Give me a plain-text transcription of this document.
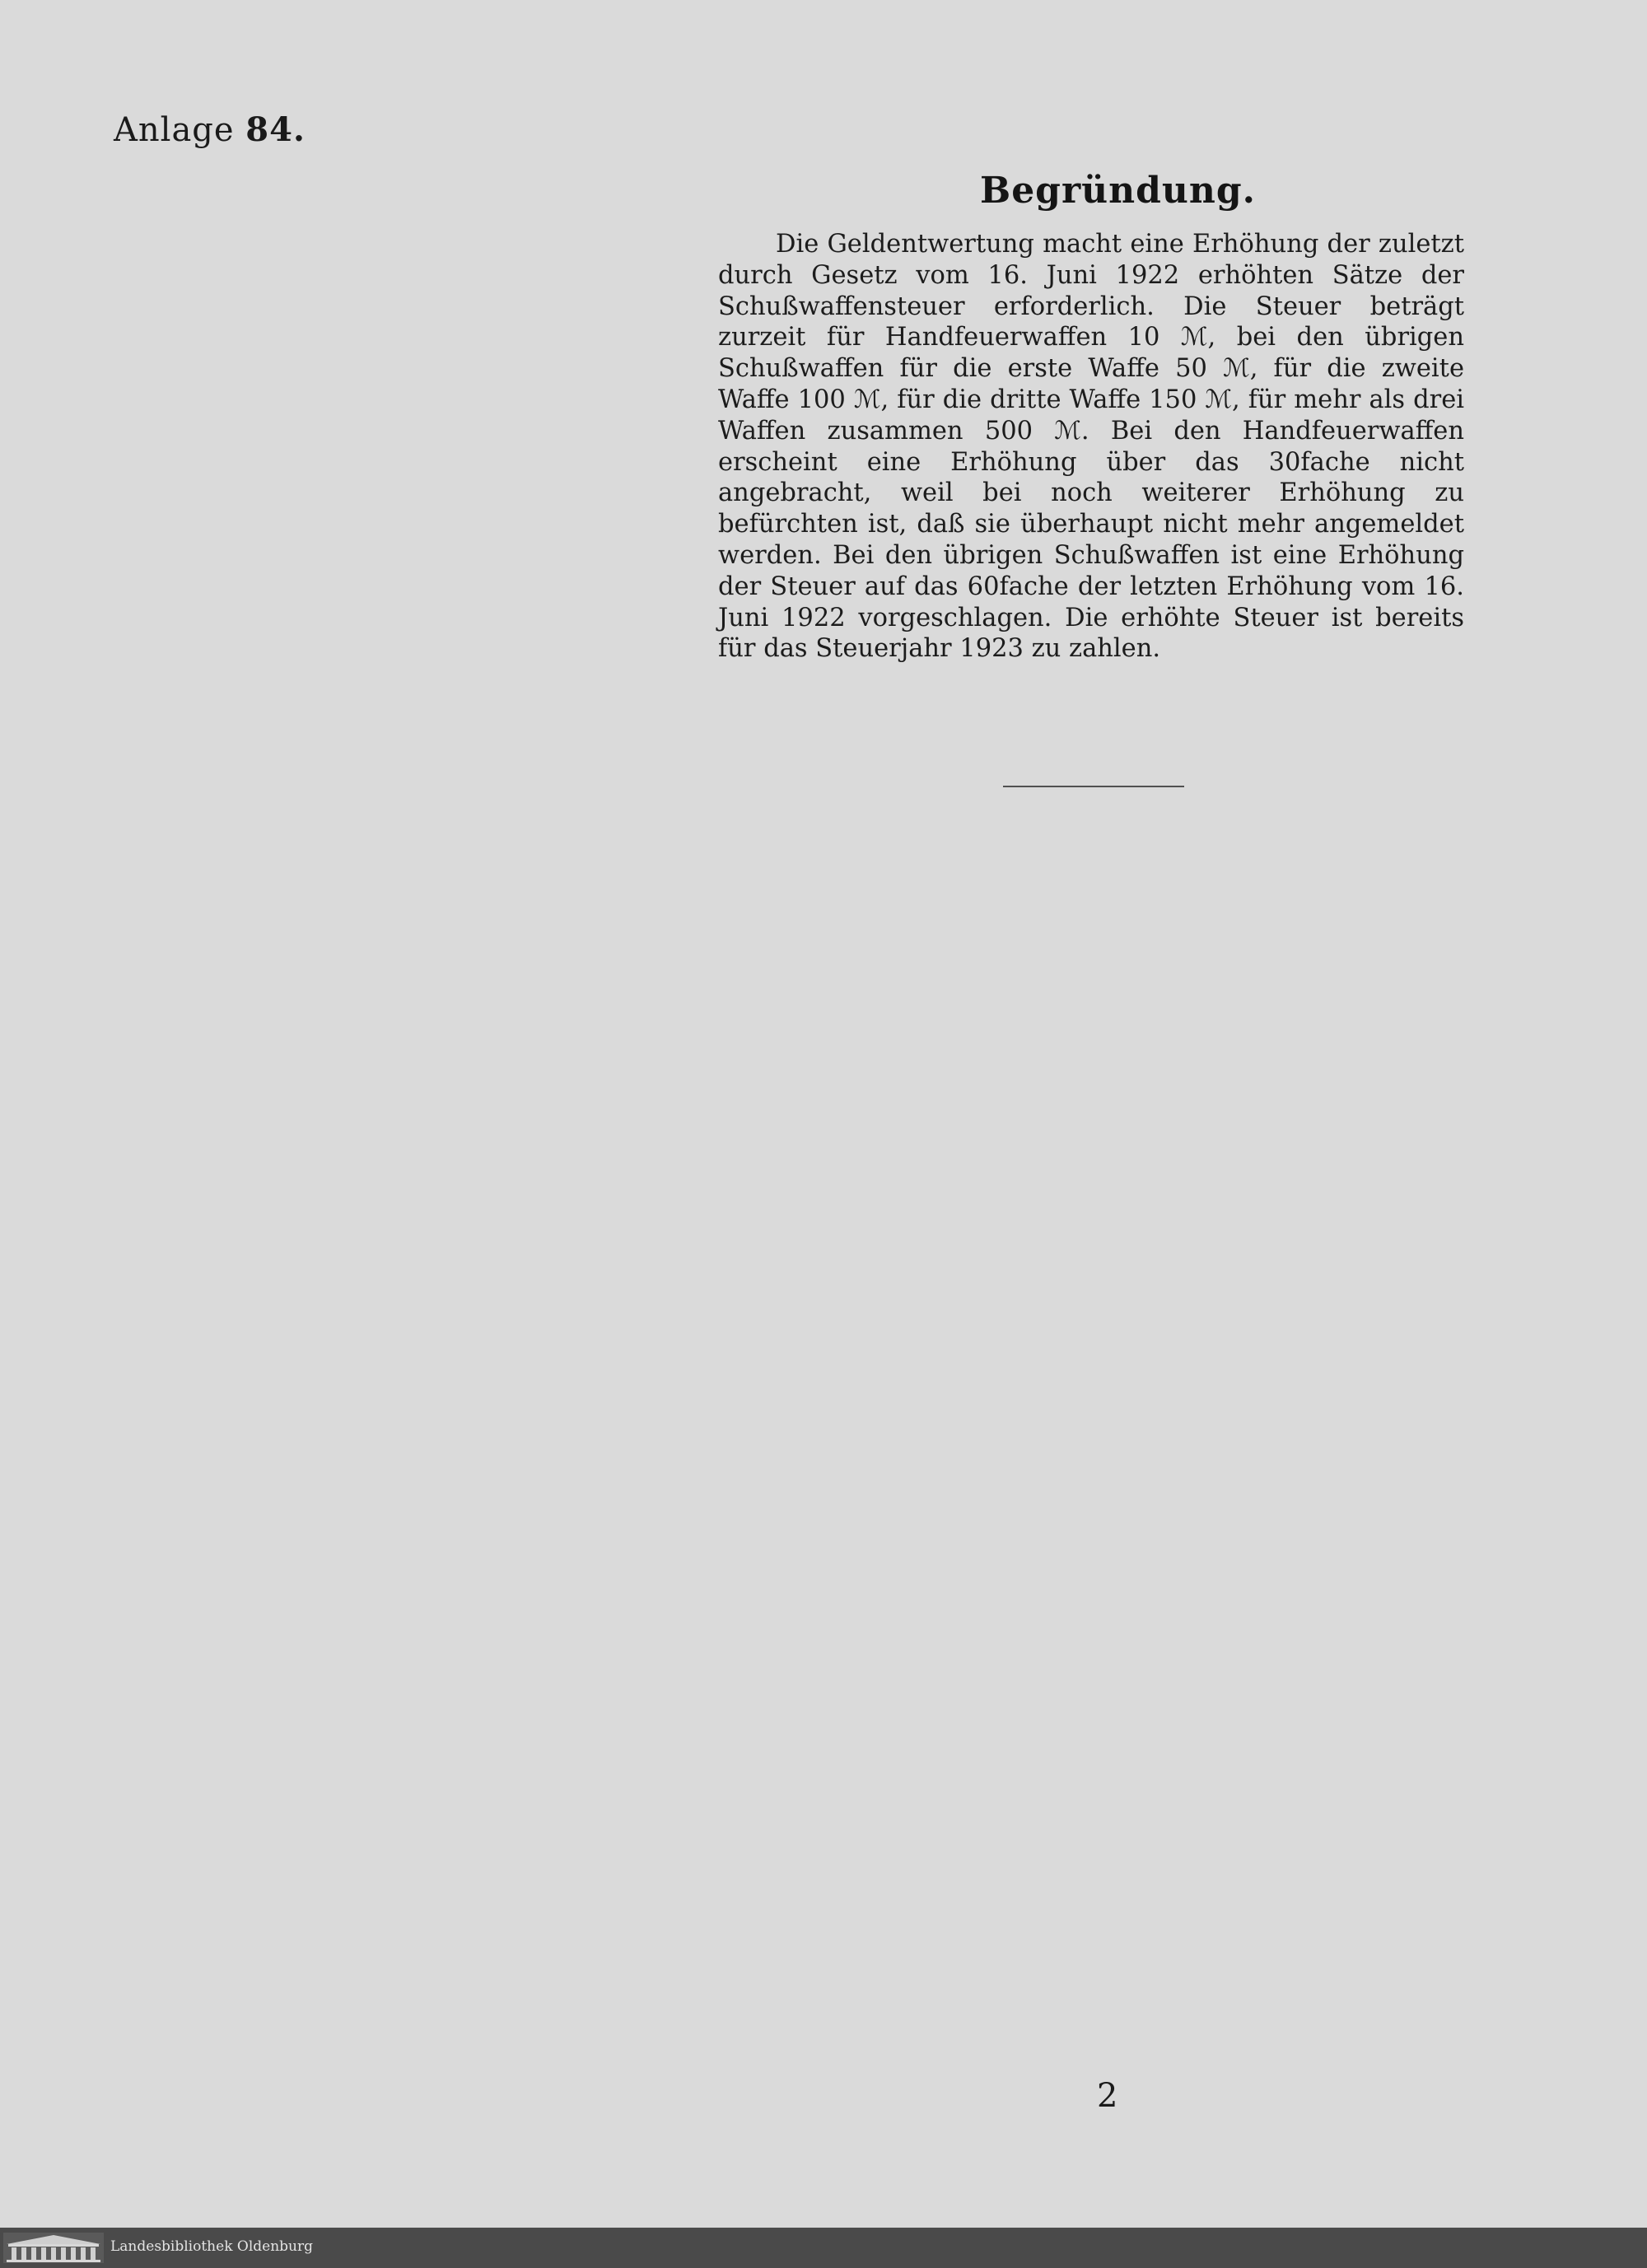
Anlage 84.
Begründung.
Die Geldentwertung macht eine Erhöhung der zuletzt durch Gesetz vom 16. Juni 1922 erhöhten Sätze der Schußwaffensteuer erforderlich. Die Steuer beträgt zurzeit für Handfeuerwaffen 10 ℳ, bei den übrigen Schußwaffen für die erste Waffe 50 ℳ, für die zweite Waffe 100 ℳ, für die dritte Waffe 150 ℳ, für mehr als drei Waffen zusammen 500 ℳ. Bei den Handfeuerwaffen erscheint eine Erhöhung über das 30fache nicht angebracht, weil bei noch weiterer Erhöhung zu befürchten ist, daß sie überhaupt nicht mehr angemeldet werden. Bei den übrigen Schußwaffen ist eine Erhöhung der Steuer auf das 60fache der letzten Erhöhung vom 16. Juni 1922 vorgeschlagen. Die erhöhte Steuer ist bereits für das Steuerjahr 1923 zu zahlen.
2
Landesbibliothek Oldenburg
